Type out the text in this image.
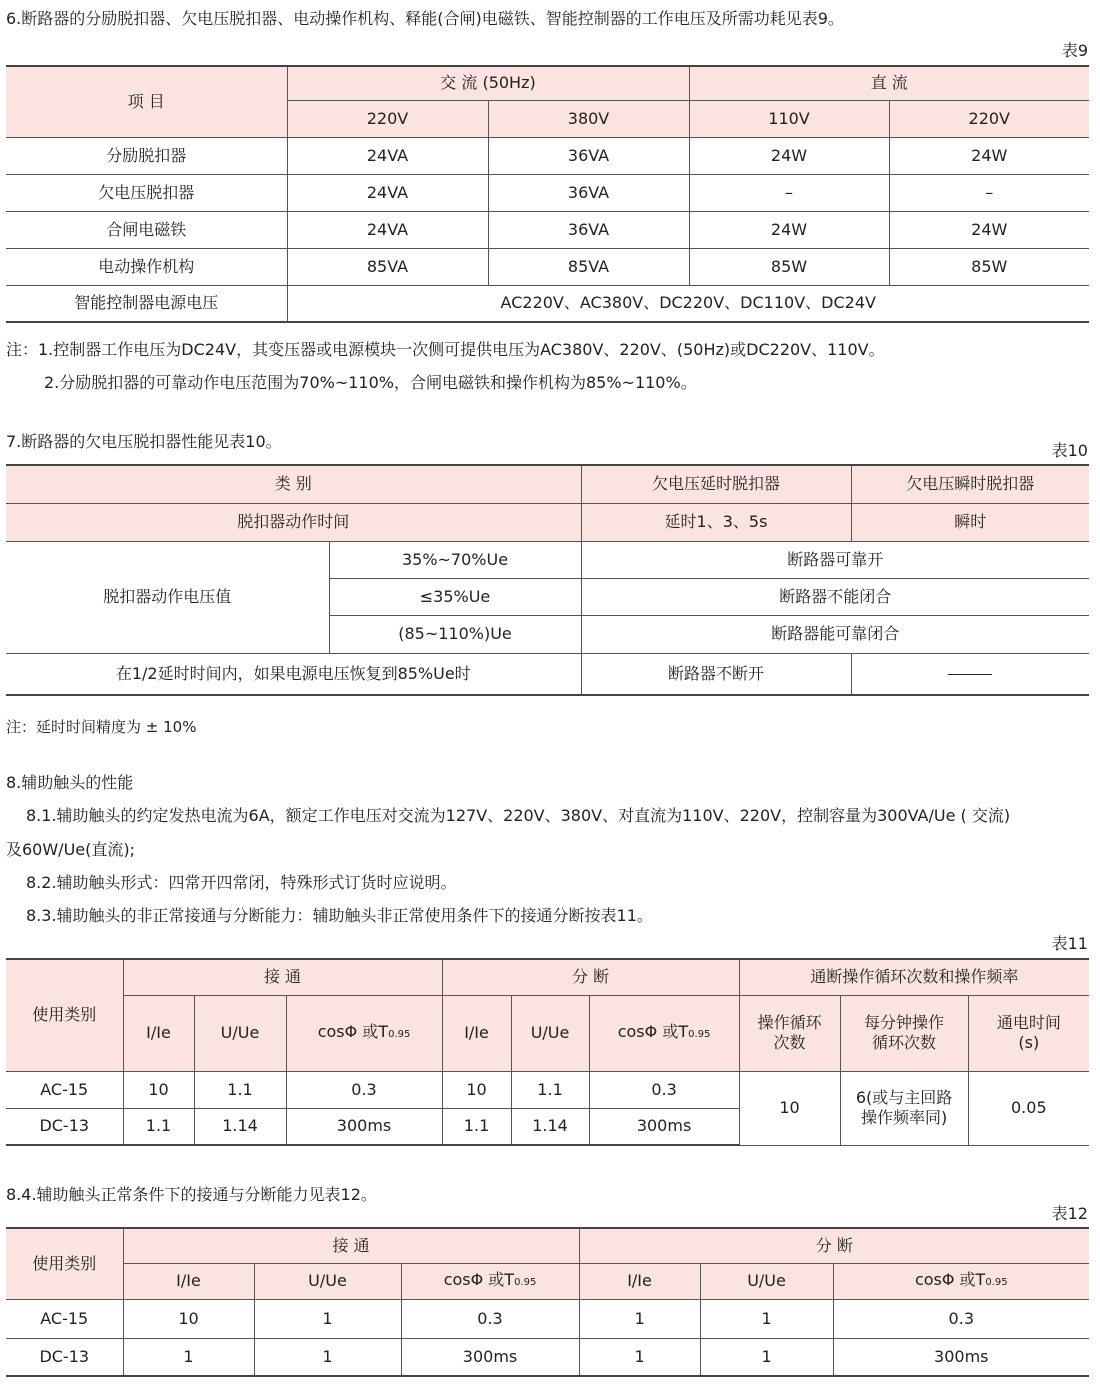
6.断路器的分励脱扣器、欠电压脱扣器、电动操作机构、释能(合闸)电磁铁、智能控制器的工作电压及所需功耗见表9。
表9
项 目	交 流 (50Hz)		直 流	
	220V	380V	110V	220V
分励脱扣器	24VA	36VA	24W	24W
欠电压脱扣器	24VA	36VA	–	–
合闸电磁铁	24VA	36VA	24W	24W
电动操作机构	85VA	85VA	85W	85W
智能控制器电源电压	AC220V、AC380V、DC220V、DC110V、DC24V			
注：1.控制器工作电压为DC24V，其变压器或电源模块一次侧可提供电压为AC380V、220V、(50Hz)或DC220V、110V。
2.分励脱扣器的可靠动作电压范围为70%~110%，合闸电磁铁和操作机构为85%~110%。
7.断路器的欠电压脱扣器性能见表10。	表10
类 别		欠电压延时脱扣器	欠电压瞬时脱扣器
脱扣器动作时间		延时1、3、5s	瞬时
脱扣器动作电压值	35%~70%Ue	断路器可靠开	
	≤35%Ue	断路器不能闭合	
	(85~110%)Ue	断路器能可靠闭合	
在1/2延时时间内，如果电源电压恢复到85%Ue时		断路器不断开	
注：延时时间精度为 ± 10%
8.辅助触头的性能
8.1.辅助触头的约定发热电流为6A，额定工作电压对交流为127V、220V、380V、对直流为110V、220V，控制容量为300VA/Ue ( 交流)
及60W/Ue(直流);
8.2.辅助触头形式：四常开四常闭，特殊形式订货时应说明。
8.3.辅助触头的非正常接通与分断能力：辅助触头非正常使用条件下的接通分断按表11。
表11
使用类别	接 通			分 断			通断操作循环次数和操作频率		
	I/Ie	U/Ue	cosΦ 或T0.95	I/Ie	U/Ue	cosΦ 或T0.95	操作循环次数	每分钟操作循环次数	通电时间(s)
AC-15	10	1.1	0.3	10	1.1	0.3	10	6(或与主回路操作频率同)	0.05
DC-13	1.1	1.14	300ms	1.1	1.14	300ms			
8.4.辅助触头正常条件下的接通与分断能力见表12。
表12
使用类别	接 通			分 断		
	I/Ie	U/Ue	cosΦ 或T0.95	I/Ie	U/Ue	cosΦ 或T0.95
AC-15	10	1	0.3	1	1	0.3
DC-13	1	1	300ms	1	1	300ms
